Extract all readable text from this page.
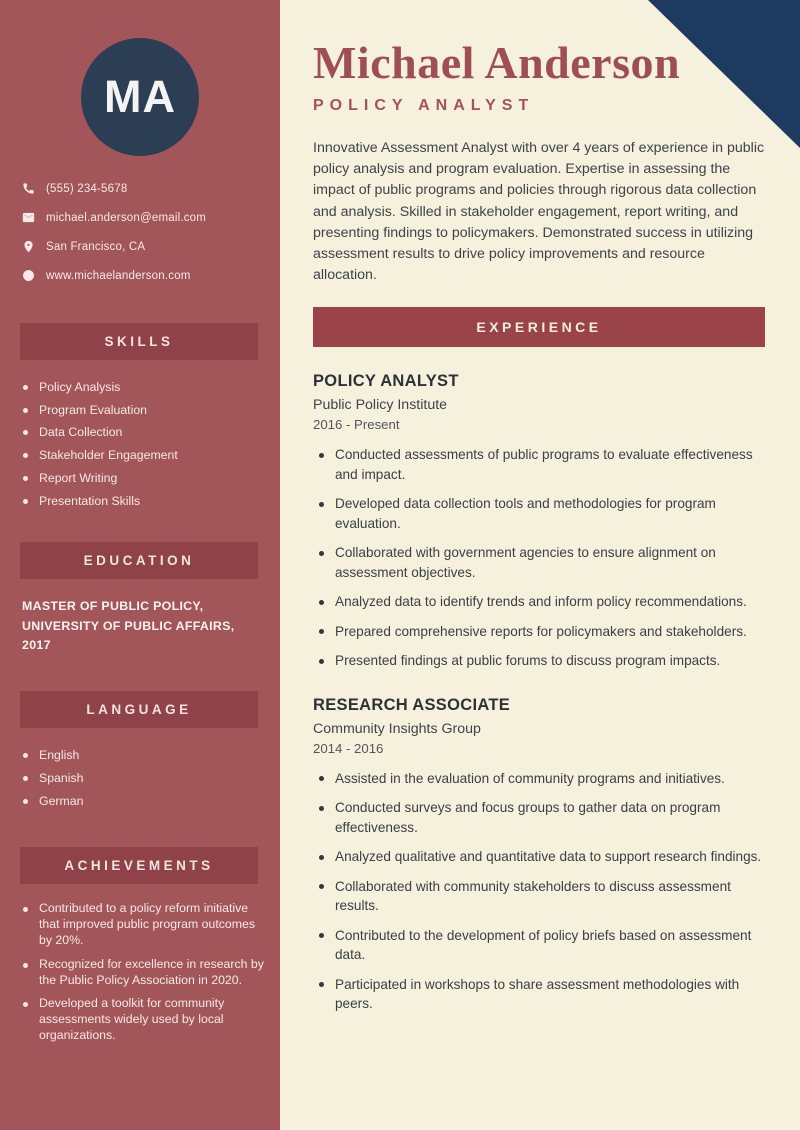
MA
(555) 234-5678
michael.anderson@email.com
San Francisco, CA
www.michaelanderson.com
SKILLS
Policy Analysis
Program Evaluation
Data Collection
Stakeholder Engagement
Report Writing
Presentation Skills
EDUCATION

MASTER OF PUBLIC POLICY, UNIVERSITY OF PUBLIC AFFAIRS, 2017

LANGUAGE
English
Spanish
German
ACHIEVEMENTS
Contributed to a policy reform initiative that improved public program outcomes by 20%.
Recognized for excellence in research by the Public Policy Association in 2020.
Developed a toolkit for community assessments widely used by local organizations.
Michael Anderson
POLICY ANALYST

Innovative Assessment Analyst with over 4 years of experience in public policy analysis and program evaluation. Expertise in assessing the impact of public programs and policies through rigorous data collection and analysis. Skilled in stakeholder engagement, report writing, and presenting findings to policymakers. Demonstrated success in utilizing assessment results to drive policy improvements and resource allocation.

EXPERIENCE
POLICY ANALYST
Public Policy Institute
2016 - Present
Conducted assessments of public programs to evaluate effectiveness and impact.
Developed data collection tools and methodologies for program evaluation.
Collaborated with government agencies to ensure alignment on assessment objectives.
Analyzed data to identify trends and inform policy recommendations.
Prepared comprehensive reports for policymakers and stakeholders.
Presented findings at public forums to discuss program impacts.
RESEARCH ASSOCIATE
Community Insights Group
2014 - 2016
Assisted in the evaluation of community programs and initiatives.
Conducted surveys and focus groups to gather data on program effectiveness.
Analyzed qualitative and quantitative data to support research findings.
Collaborated with community stakeholders to discuss assessment results.
Contributed to the development of policy briefs based on assessment data.
Participated in workshops to share assessment methodologies with peers.
